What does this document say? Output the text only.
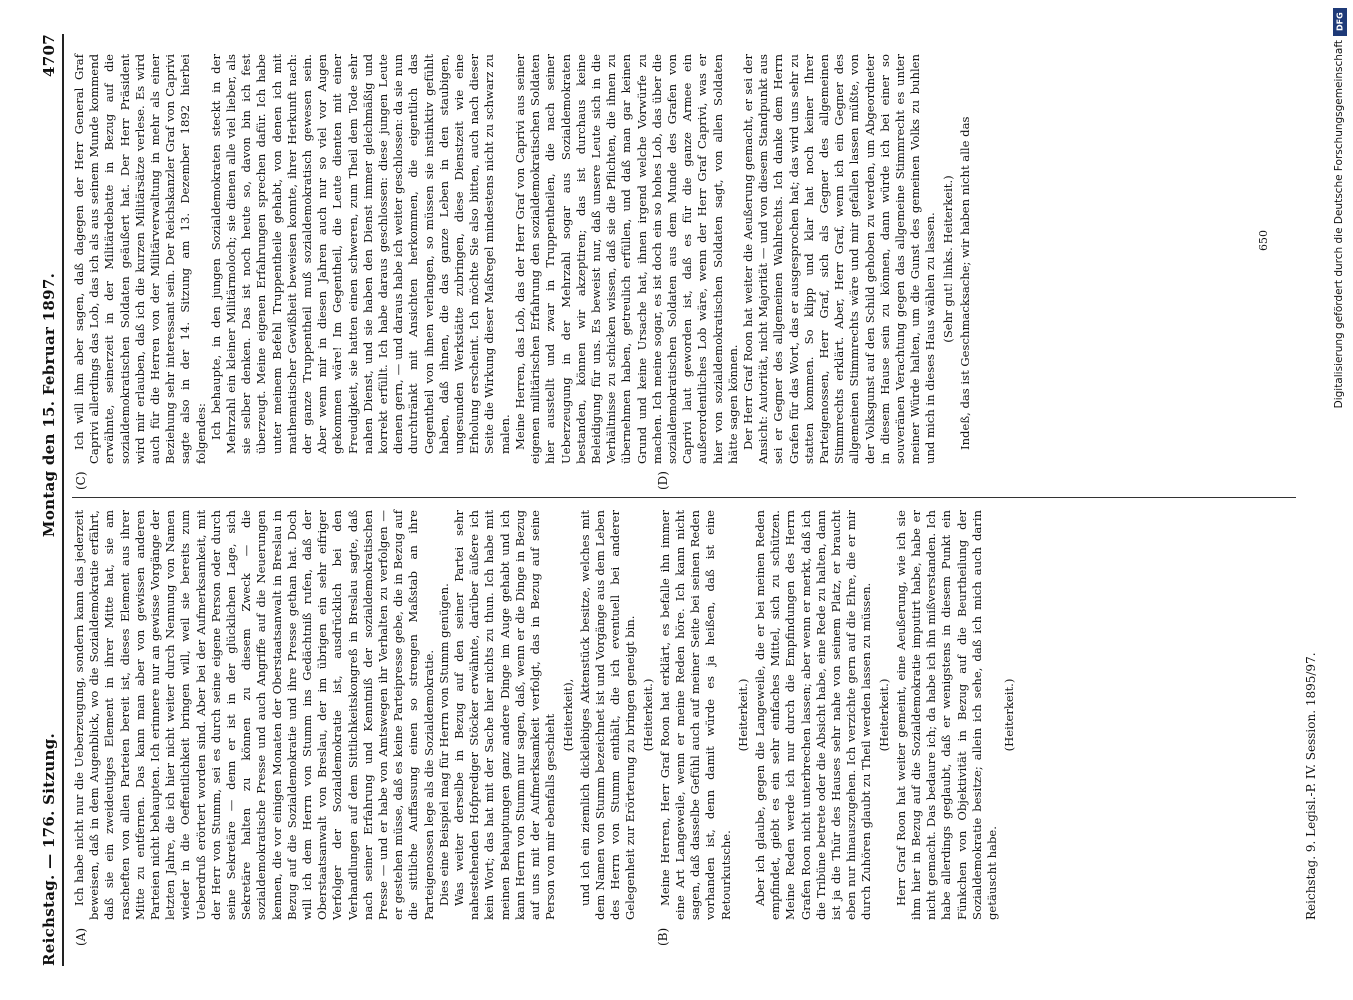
Reichstag. — 176. Sitzung.
Montag den 15. Februar 1897.
4707
(A)	(B)
(C)	(D)

Ich habe nicht nur die Ueberzeugung, sondern kann das jederzeit beweisen, daß in dem Augenblick, wo die Sozialdemokratie erfährt, daß sie ein zweideutiges Element in ihrer Mitte hat, sie am rascheften von allen Parteien bereit ist, dieses Element aus ihrer Mitte zu entfernen. Das kann man aber von gewissen anderen Parteien nicht behaupten. Ich erinnere nur an gewisse Vorgänge der letzten Jahre, die ich hier nicht weiter durch Nennung von Namen wieder in die Oeffentlichkeit bringen will, weil sie bereits zum Ueberdruß erörtert worden sind. Aber bei der Aufmerksamkeit, mit der Herr von Stumm, sei es durch seine eigene Person oder durch seine Sekretäre — denn er ist in der glücklichen Lage, sich Sekretäre halten zu können zu diesem Zweck — die sozialdemokratische Presse und auch Angriffe auf die Neuerungen kennen, die vor einigen Monaten der Oberstaatsanwalt in Breslau in Bezug auf die Sozialdemokratie und ihre Presse gethan hat. Doch will ich dem Herrn von Stumm ins Gedächtniß rufen, daß der Oberstaatsanwalt von Breslau, der im übrigen ein sehr eifriger Verfolger der Sozialdemokratie ist, ausdrücklich bei den Verhandlungen auf dem Sittlichkeitskongreß in Breslau sagte, daß nach seiner Erfahrung und Kenntniß der sozialdemokratischen Presse — und er habe von Amtswegen ihr Verhalten zu verfolgen — er gestehen müsse, daß es keine Parteipresse gebe, die in Bezug auf die sittliche Auffassung einen so strengen Maßstab an ihre Parteigenossen lege als die Sozialdemokratie. Dies eine Beispiel mag für Herrn von Stumm genügen. Was weiter derselbe in Bezug auf den seiner Partei sehr nahestehenden Hofprediger Stöcker erwähnte, darüber äußere ich kein Wort; das hat mit der Sache hier nichts zu thun. Ich habe mit meinen Behauptungen ganz andere Dinge im Auge gehabt und ich kann Herrn von Stumm nur sagen, daß, wenn er die Dinge in Bezug auf uns mit der Aufmerksamkeit verfolgt, das in Bezug auf seine Person von mir ebenfalls geschieht (Heiterkeit), und ich ein ziemlich dickleibiges Aktenstück besitze, welches mit dem Namen von Stumm bezeichnet ist und Vorgänge aus dem Leben des Herrn von Stumm enthält, die ich eventuell bei anderer Gelegenheit zur Erörterung zu bringen geneigt bin. (Heiterkeit.) Meine Herren, Herr Graf Roon hat erklärt, es befalle ihn immer eine Art Langeweile, wenn er meine Reden höre. Ich kann nicht sagen, daß dasselbe Gefühl auch auf meiner Seite bei seinen Reden vorhanden ist, denn damit würde es ja heißen, daß ist eine Retourkutsche.

(Heiterkeit.) Aber ich glaube, gegen die Langeweile, die er bei meinen Reden empfindet, giebt es ein sehr einfaches Mittel, sich zu schützen. Meine Reden werde ich nur durch die Empfindungen des Herrn Grafen Roon nicht unterbrechen lassen; aber wenn er merkt, daß ich die Tribüne betrete oder die Absicht habe, eine Rede zu halten, dann ist ja die Thür des Hauses sehr nahe von seinem Platz, er braucht eben nur hinauszugehen. Ich verzichte gern auf die Ehre, die er mir durch Zuhören glaubt zu Theil werden lassen zu müssen. (Heiterkeit.) Herr Graf Roon hat weiter gemeint, eine Aeußerung, wie ich sie ihm hier in Bezug auf die Sozialdemokratie imputirt habe, habe er nicht gemacht. Das bedaure ich; da habe ich ihn mißverstanden. Ich habe allerdings geglaubt, daß er wenigstens in diesem Punkt ein Fünkchen von Objektivität in Bezug auf die Beurtheilung der Sozialdemokratie besitze; allein ich sehe, daß ich mich auch darin getäuscht habe.

(Heiterkeit.)

Ich will ihm aber sagen, daß dagegen der Herr General Graf Caprivi allerdings das Lob, das ich als aus seinem Munde kommend erwähnte, seinerzeit in der Militärdebatte in Bezug auf die sozialdemokratischen Soldaten geäußert hat. Der Herr Präsident wird mir erlauben, daß ich die kurzen Militärsätze verlese. Es wird auch für die Herren von der Militärverwaltung in mehr als einer Beziehung sehr interessant sein. Der Reichskanzler Graf von Caprivi sagte also in der 14. Sitzung am 13. Dezember 1892 hierbei folgendes: Ich behaupte, in den jungen Sozialdemokraten steckt in der Mehrzahl ein kleiner Militärmoloch; sie dienen alle viel lieber, als sie selber denken. Das ist noch heute so, davon bin ich fest überzeugt. Meine eigenen Erfahrungen sprechen dafür. Ich habe unter meinem Befehl Truppentheile gehabt, von denen ich mit mathematischer Gewißheit beweisen konnte, ihrer Herkunft nach: der ganze Truppentheil muß sozialdemokratisch gewesen sein. Aber wenn mir in diesen Jahren auch nur so viel vor Augen gekommen wäre! Im Gegentheil, die Leute dienten mit einer Freudigkeit, sie hatten einen schweren, zum Theil dem Tode sehr nahen Dienst, und sie haben den Dienst immer gleichmäßig und korrekt erfüllt. Ich habe daraus geschlossen: diese jungen Leute dienen gern, — und daraus habe ich weiter geschlossen: da sie nun durchtränkt mit Ansichten herkommen, die eigentlich das Gegentheil von ihnen verlangen, so müssen sie instinktiv gefühlt haben, daß ihnen, die das ganze Leben in den staubigen, ungesunden Werkstätte zubringen, diese Dienstzeit wie eine Erholung erscheint. Ich möchte Sie also bitten, auch nach dieser Seite die Wirkung dieser Maßregel mindestens nicht zu schwarz zu malen. Meine Herren, das Lob, das der Herr Graf von Caprivi aus seiner eigenen militärischen Erfahrung den sozialdemokratischen Soldaten hier ausstellt und zwar in Truppentheilen, die nach seiner Ueberzeugung in der Mehrzahl sogar aus Sozialdemokraten bestanden, können wir akzeptiren; das ist durchaus keine Beleidigung für uns. Es beweist nur, daß unsere Leute sich in die Verhältnisse zu schicken wissen, daß sie die Pflichten, die ihnen zu übernehmen haben, getreulich erfüllen, und daß man gar keinen Grund und keine Ursache hat, ihnen irgend welche Vorwürfe zu machen. Ich meine sogar, es ist doch ein so hohes Lob, das über die sozialdemokratischen Soldaten aus dem Munde des Grafen von Caprivi laut geworden ist, daß es für die ganze Armee ein außerordentliches Lob wäre, wenn der Herr Graf Caprivi, was er hier von sozialdemokratischen Soldaten sagt, von allen Soldaten hätte sagen können. Der Herr Graf Roon hat weiter die Aeußerung gemacht, er sei der Ansicht: Autorität, nicht Majorität — und von diesem Standpunkt aus sei er Gegner des allgemeinen Wahlrechts. Ich danke dem Herrn Grafen für das Wort, das er ausgesprochen hat; das wird uns sehr zu statten kommen. So klipp und klar hat noch keiner Ihrer Parteigenossen, Herr Graf, sich als Gegner des allgemeinen Stimmrechts erklärt. Aber, Herr Graf, wenn ich ein Gegner des allgemeinen Stimmrechts wäre und mir gefallen lassen müßte, von der Volksgunst auf den Schild gehoben zu werden, um Abgeordneter in diesem Hause sein zu können, dann würde ich bei einer so souveränen Verachtung gegen das allgemeine Stimmrecht es unter meiner Würde halten, um die Gunst des gemeinen Volks zu buhlen und mich in dieses Haus wählen zu lassen. (Sehr gut! links. Heiterkeit.) Indeß, das ist Geschmacksache; wir haben nicht alle das

Reichstag. 9. Legisl.-P. IV. Session. 1895/97.
650
DFG
Digitalisierung gefördert durch die Deutsche Forschungsgemeinschaft
